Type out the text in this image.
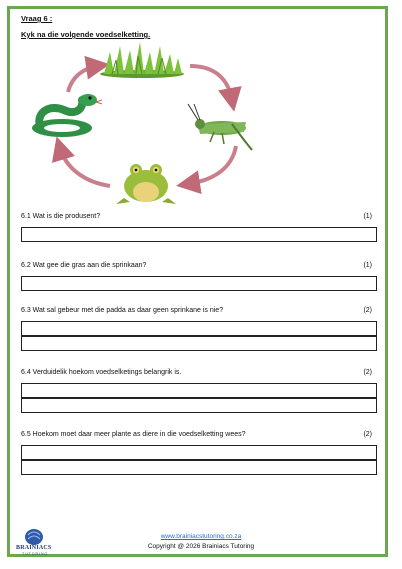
Vraag 6 :
Kyk na die volgende voedselketting.
6.1 Wat is die produsent?	(1)
6.2 Wat gee die gras aan die sprinkaan?	(1)
6.3 Wat sal gebeur met die padda as daar geen sprinkane is nie?	(2)
6.4 Verduidelik hoekom voedselketings belangrik is.	(2)
6.5 Hoekom moet daar meer plante as diere in die voedselketting wees?	(2)
BRAINIACS
TUTORING
www.brainiacstutoring.co.za
Copyright @ 2026 Brainiacs Tutoring
